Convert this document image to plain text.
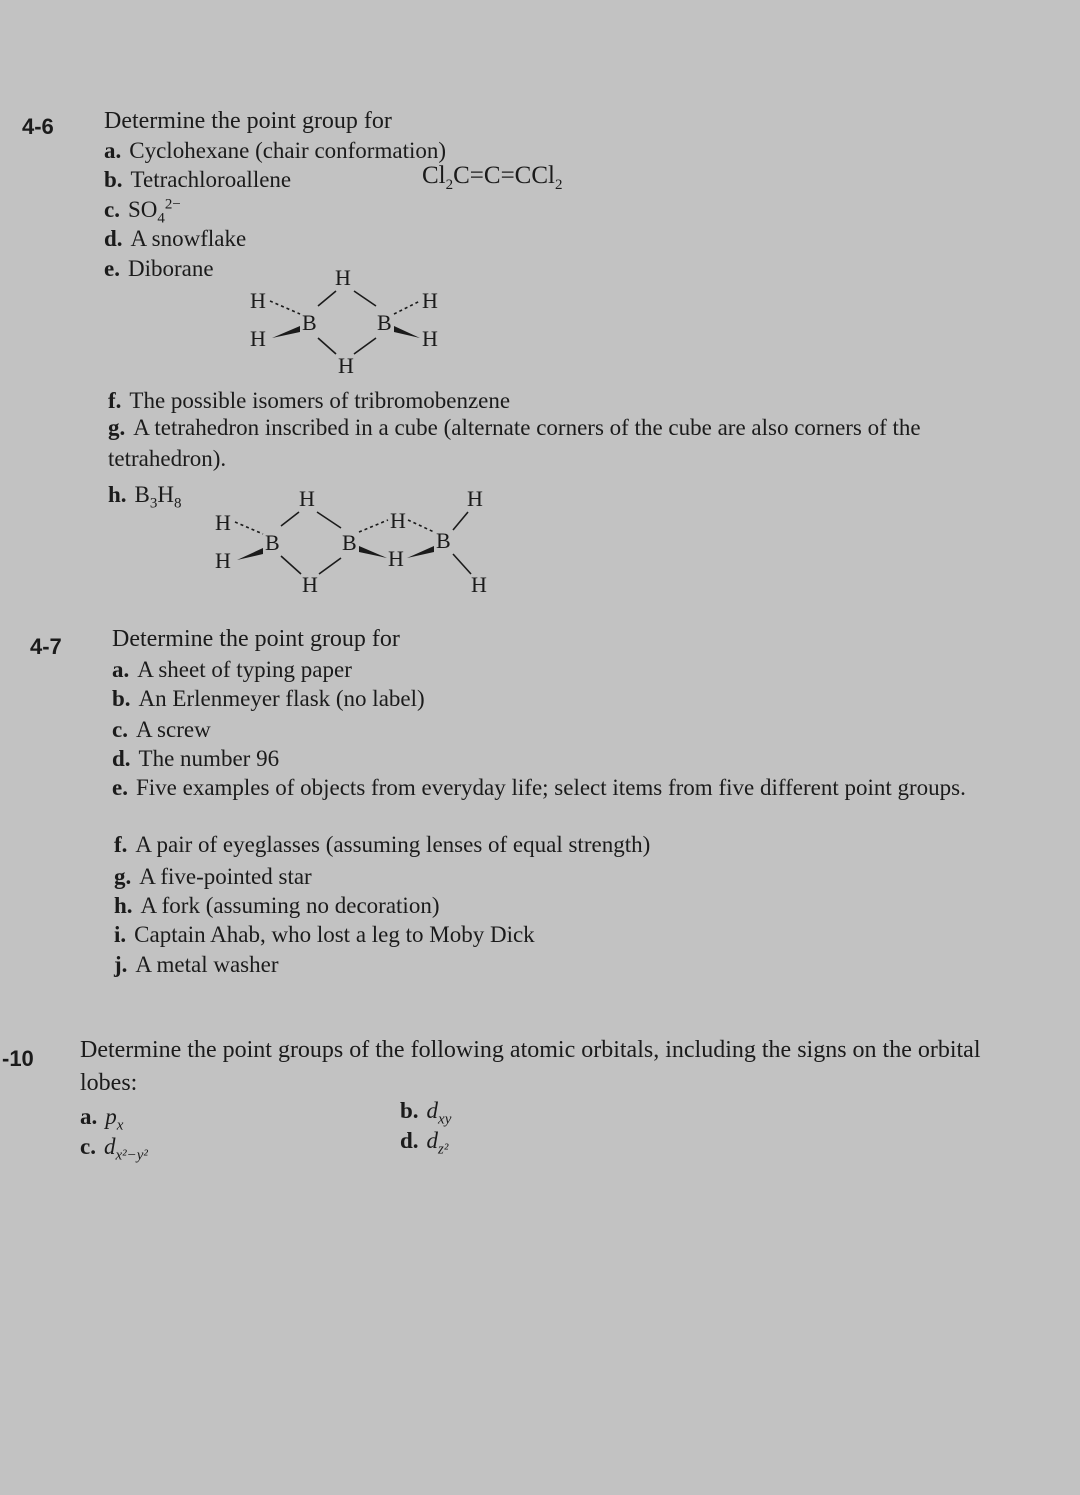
4-6 Determine the point group for
a. Cyclohexane (chair conformation)
b. Tetrachloroallene	$Cl_2C=C=CCl_2$
c. $SO_4^{2-}$
d. A snowflake
e. Diborane	H
H
H
B	B
H
H
H
f. The possible isomers of tribromobenzene
g. A tetrahedron inscribed in a cube (alternate corners of the cube are also corners of the tetrahedron).
h. $B_3H_8$	H
H
H
B	B
H
H
B
H
H	H
4-7 Determine the point group for
a. A sheet of typing paper
b. An Erlenmeyer flask (no label)
c. A screw
d. The number 96
e. Five examples of objects from everyday life; select items from five different point groups.
f. A pair of eyeglasses (assuming lenses of equal strength)
g. A five-pointed star
h. A fork (assuming no decoration)
i. Captain Ahab, who lost a leg to Moby Dick
j. A metal washer
-10 Determine the point groups of the following atomic orbitals, including the signs on the orbital lobes:
a. $p_x$
b. $d_{xy}$
c. $d_{x^2-y^2}$
d. $d_{z^2}$
